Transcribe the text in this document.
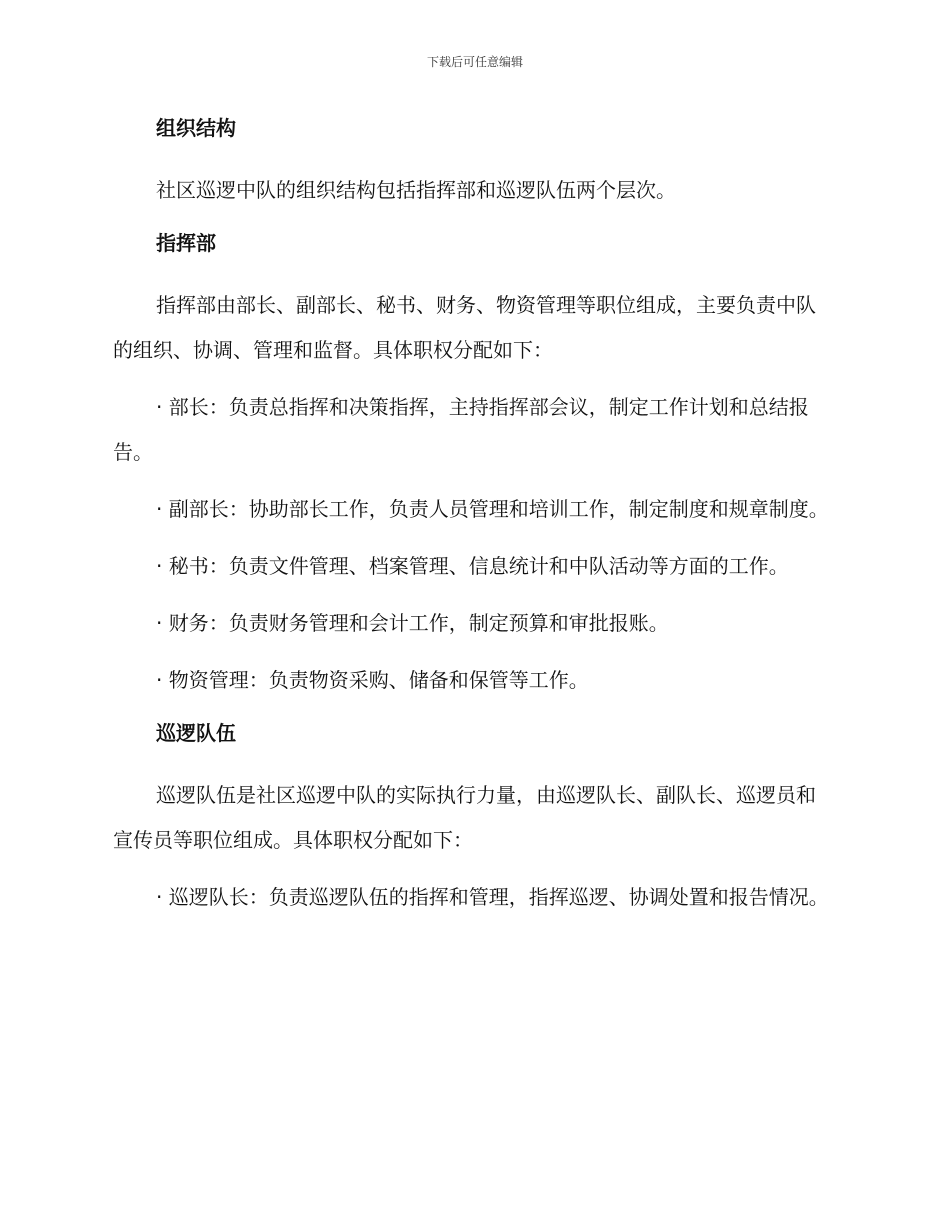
下载后可任意编辑
组织结构

社区巡逻中队的组织结构包括指挥部和巡逻队伍两个层次。

指挥部

指挥部由部长、副部长、秘书、财务、物资管理等职位组成，主要负责中队的组织、协调、管理和监督。具体职权分配如下：

· 部长：负责总指挥和决策指挥，主持指挥部会议，制定工作计划和总结报告。

· 副部长：协助部长工作，负责人员管理和培训工作，制定制度和规章制度。

· 秘书：负责文件管理、档案管理、信息统计和中队活动等方面的工作。

· 财务：负责财务管理和会计工作，制定预算和审批报账。

· 物资管理：负责物资采购、储备和保管等工作。

巡逻队伍

巡逻队伍是社区巡逻中队的实际执行力量，由巡逻队长、副队长、巡逻员和宣传员等职位组成。具体职权分配如下：

· 巡逻队长：负责巡逻队伍的指挥和管理，指挥巡逻、协调处置和报告情况。
